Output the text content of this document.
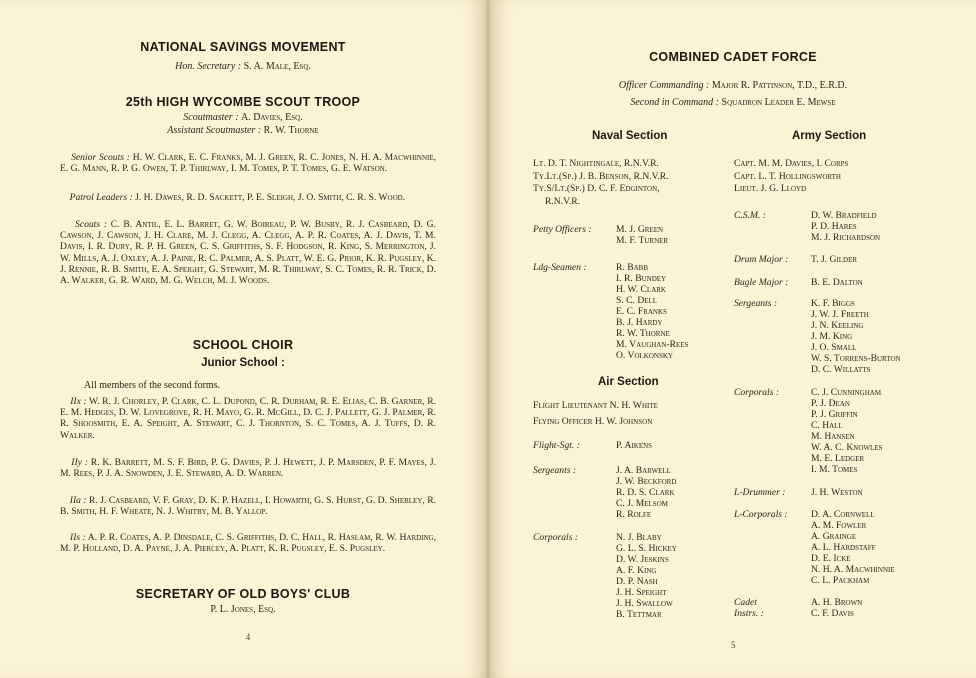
NATIONAL SAVINGS MOVEMENT
Hon. Secretary : S. A. Male, Esq.
25th HIGH WYCOMBE SCOUT TROOP
Scoutmaster : A. Davies, Esq.
Assistant Scoutmaster : R. W. Thorne
Senior Scouts : H. W. Clark, E. C. Franks, M. J. Green, R. C. Jones, N. H. A. Macwhinnie, E. G. Mann, R. P. G. Owen, T. P. Thirlway, I. M. Tomes, P. T. Tomes, G. E. Watson.
Patrol Leaders : J. H. Dawes, R. D. Sackett, P. E. Sleigh, J. O. Smith, C. R. S. Wood.
Scouts : C. B. Antil, E. L. Barret, G. W. Boireau, P. W. Busby, R. J. Casbeard, D. G. Cawson, J. Cawson, J. H. Clare, M. J. Clegg, A. Clegg, A. P. R. Coates, A. J. Davis, T. M. Davis, I. R. Dury, R. P. H. Green, C. S. Griffiths, S. F. Hodgson, R. King, S. Merrington, J. W. Mills, A. J. Oxley, A. J. Paine, R. C. Palmer, A. S. Platt, W. E. G. Prior, K. R. Pugsley, K. J. Rennie, R. B. Smith, E. A. Speight, G. Stewart, M. R. Thirlway, S. C. Tomes, R. R. Trick, D. A. Walker, G. R. Ward, M. G. Welch, M. J. Woods.
SCHOOL CHOIR
Junior School :
All members of the second forms.
IIx : W. R. J. Chorley, P. Clark, C. L. Dupond, C. R. Durham, R. E. Elias, C. B. Garner, R. E. M. Hedges, D. W. Lovegrove, R. H. Mayo, G. R. McGill, D. C. J. Pallett, G. J. Palmer, R. R. Shoosmith, E. A. Speight, A. Stewart, C. J. Thornton, S. C. Tomes, A. J. Tuffs, D. R. Walker.
IIy : R. K. Barrett, M. S. F. Bird, P. G. Davies, P. J. Hewett, J. P. Marsden, P. F. Mayes, J. M. Rees, P. J. A. Snowden, J. E. Steward, A. D. Warren.
IIa : R. J. Casbeard, V. F. Gray, D. K. P. Hazell, I. Howarth, G. S. Hurst, G. D. Sherley, R. B. Smith, H. F. Wheate, N. J. Whitby, M. B. Yallop.
IIs : A. P. R. Coates, A. P. Dinsdale, C. S. Griffiths, D. C. Hall, R. Haslam, R. W. Harding, M. P. Holland, D. A. Payne, J. A. Piercey, A. Platt, K. R. Pugsley, E. S. Pugsley.
SECRETARY OF OLD BOYS' CLUB
P. L. Jones, Esq.
4
COMBINED CADET FORCE
Officer Commanding : Major R. Pattinson, T.D., E.R.D.
Second in Command : Squadron Leader E. Mewse
Naval Section
Lt. D. T. Nightingale, R.N.V.R.
Ty.Lt.(Sp.) J. B. Benson, R.N.V.R.
Ty.S/Lt.(Sp.) D. C. F. Edginton,
R.N.V.R.
Petty Officers :	M. J. Green
M. F. Turner
Ldg-Seamen :	R. Babb
I. R. Bundey
H. W. Clark
S. C. Dell
E. C. Franks
B. J. Hardy
R. W. Thorne
M. Vaughan-Rees
O. Volkonsky
Air Section
Flight Lieutenant N. H. White
Flying Officer H. W. Johnson
Flight-Sgt. :	P. Aikens
Sergeants :	J. A. Barwell
J. W. Beckford
R. D. S. Clark
C. J. Melsom
R. Rolfe
Corporals :	N. J. Blaby
G. L. S. Hickey
D. W. Jeskins
A. F. King
D. P. Nash
J. H. Speight
J. H. Swallow
B. Tettmar
Army Section
Capt. M. M. Davies, I. Corps
Capt. L. T. Hollingsworth
Lieut. J. G. Lloyd
C.S.M. :	D. W. Bradfield
P. D. Hares
M. J. Richardson
Drum Major : T. J. Gilder
Bugle Major : B. E. Dalton
Sergeants :	K. F. Biggs
J. W. J. Freeth
J. N. Keeling
J. M. King
J. O. Small
W. S. Torrens-Burton
D. C. Willatts
Corporals :	C. J. Cunningham
P. J. Dean
P. J. Griffin
C. Hall
M. Hansen
W. A. C. Knowles
M. E. Ledger
I. M. Tomes
L-Drummer :	J. H. Weston
L-Corporals : D. A. Cornwell
A. M. Fowler
A. Grainge
A. L. Hardstaff
D. E. Icke
N. H. A. Macwhinnie
C. L. Packham
Cadet
Instrs. :
A. H. Brown
C. F. Davis
5
